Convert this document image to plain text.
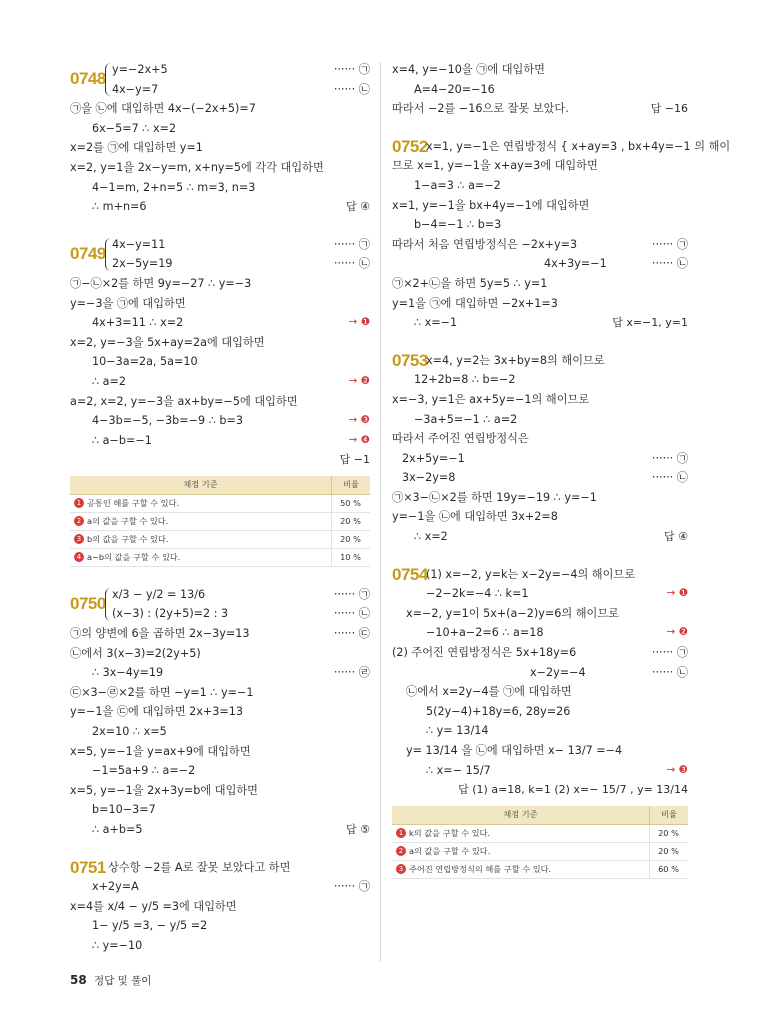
0748 y=−2x+5	······ ㉠
4x−y=7	······ ㉡
㉠을 ㉡에 대입하면 4x−(−2x+5)=7
6x−5=7 ∴ x=2
x=2를 ㉠에 대입하면 y=1
x=2, y=1을 2x−y=m, x+ny=5에 각각 대입하면
4−1=m, 2+n=5 ∴ m=3, n=3
∴ m+n=6	답 ④
0749 4x−y=11	······ ㉠
2x−5y=19	······ ㉡
㉠−㉡×2를 하면 9y=−27 ∴ y=−3
y=−3을 ㉠에 대입하면
4x+3=11 ∴ x=2	→ ❶
x=2, y=−3을 5x+ay=2a에 대입하면
10−3a=2a, 5a=10
∴ a=2	→ ❷
a=2, x=2, y=−3을 ax+by=−5에 대입하면
4−3b=−5, −3b=−9 ∴ b=3	→ ❸
∴ a−b=−1	→ ❹
답 −1
채점 기준	비율
1 공통인 해를 구할 수 있다.	50 %
2 a의 값을 구할 수 있다.	20 %
3 b의 값을 구할 수 있다.	20 %
4 a−b의 값을 구할 수 있다.	10 %
0750 x/3 − y/2 = 13/6	······ ㉠
(x−3) : (2y+5)=2 : 3	······ ㉡
㉠의 양변에 6을 곱하면 2x−3y=13	······ ㉢
㉡에서 3(x−3)=2(2y+5)
∴ 3x−4y=19	······ ㉣
㉢×3−㉣×2를 하면 −y=1 ∴ y=−1
y=−1을 ㉢에 대입하면 2x+3=13
2x=10 ∴ x=5
x=5, y=−1을 y=ax+9에 대입하면
−1=5a+9 ∴ a=−2
x=5, y=−1을 2x+3y=b에 대입하면
b=10−3=7
∴ a+b=5	답 ⑤
0751 상수항 −2를 A로 잘못 보았다고 하면
x+2y=A	······ ㉠
x=4를 x/4 − y/5 =3에 대입하면
1− y/5 =3, − y/5 =2
∴ y=−10
x=4, y=−10을 ㉠에 대입하면
A=4−20=−16
따라서 −2를 −16으로 잘못 보았다.	답 −16
0752
x=1, y=−1은 연립방정식 { x+ay=3 , bx+4y=−1 의 해이
므로 x=1, y=−1을 x+ay=3에 대입하면
1−a=3 ∴ a=−2
x=1, y=−1을 bx+4y=−1에 대입하면
b−4=−1 ∴ b=3
따라서 처음 연립방정식은 −2x+y=3	······ ㉠
4x+3y=−1	······ ㉡
㉠×2+㉡을 하면 5y=5 ∴ y=1
y=1을 ㉠에 대입하면 −2x+1=3
∴ x=−1	답 x=−1, y=1
0753
x=4, y=2는 3x+by=8의 해이므로
12+2b=8 ∴ b=−2
x=−3, y=1은 ax+5y=−1의 해이므로
−3a+5=−1 ∴ a=2
따라서 주어진 연립방정식은
2x+5y=−1	······ ㉠
3x−2y=8	······ ㉡
㉠×3−㉡×2를 하면 19y=−19 ∴ y=−1
y=−1을 ㉡에 대입하면 3x+2=8
∴ x=2	답 ④
0754
(1) x=−2, y=k는 x−2y=−4의 해이므로
−2−2k=−4 ∴ k=1	→ ❶
x=−2, y=1이 5x+(a−2)y=6의 해이므로
−10+a−2=6 ∴ a=18	→ ❷
(2) 주어진 연립방정식은 5x+18y=6	······ ㉠
x−2y=−4	······ ㉡
㉡에서 x=2y−4를 ㉠에 대입하면
5(2y−4)+18y=6, 28y=26
∴ y= 13/14
y= 13/14 을 ㉡에 대입하면 x− 13/7 =−4
∴ x=− 15/7	→ ❸
답 (1) a=18, k=1 (2) x=− 15/7 , y= 13/14
채점 기준	비율
1 k의 값을 구할 수 있다.	20 %
2 a의 값을 구할 수 있다.	20 %
3 주어진 연립방정식의 해를 구할 수 있다.	60 %
58 정답 및 풀이
